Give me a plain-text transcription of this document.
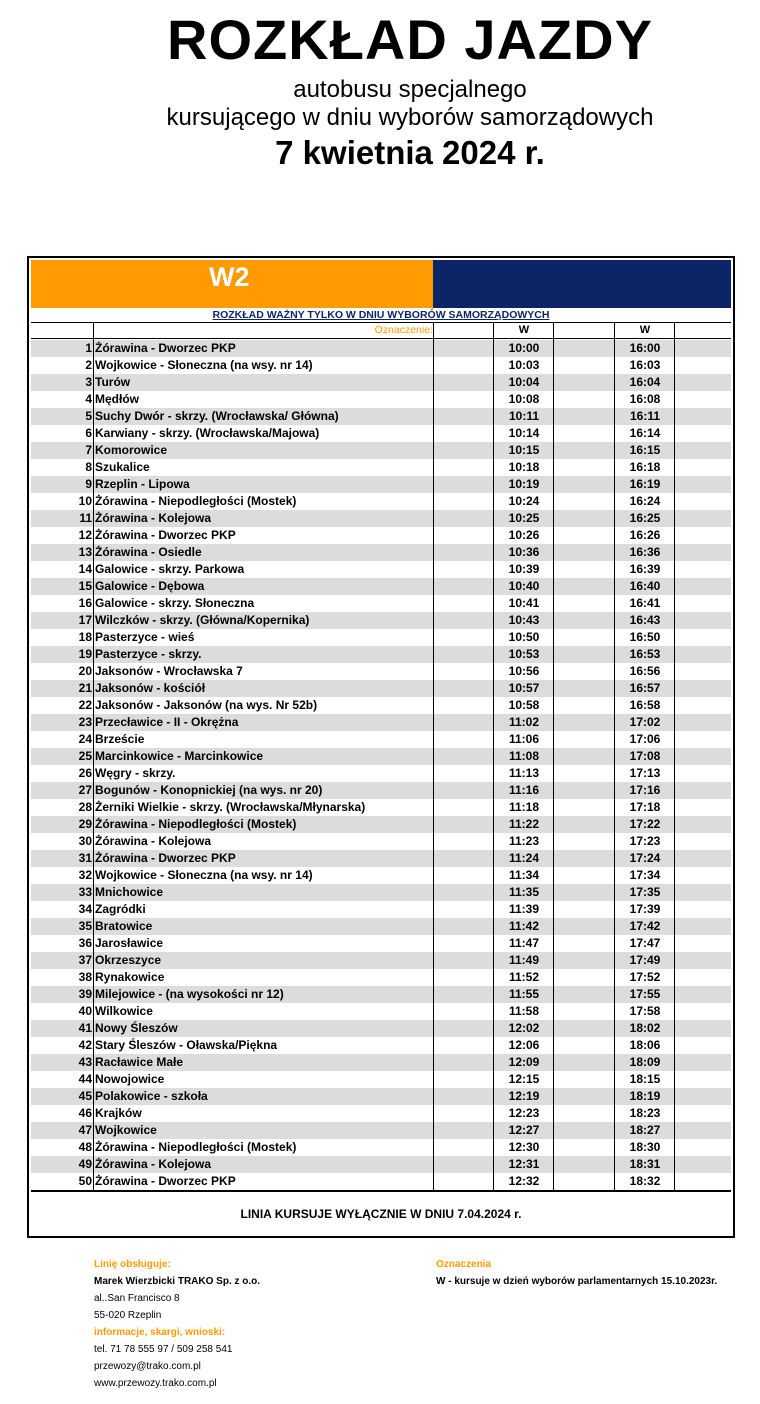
ROZKŁAD JAZDY
autobusu specjalnego
kursującego w dniu wyborów samorządowych
7 kwietnia 2024 r.
W2
ROZKŁAD WAŻNY TYLKO W DNIU WYBORÓW SAMORZĄDOWYCH
Oznaczenie:	W	W
1 Żórawina - Dworzec PKP	10:00	16:00
2 Wojkowice - Słoneczna (na wsy. nr 14)	10:03	16:03
3 Turów	10:04	16:04
4 Mędłów	10:08	16:08
5 Suchy Dwór - skrzy. (Wrocławska/ Główna)	10:11	16:11
6 Karwiany - skrzy. (Wrocławska/Majowa)	10:14	16:14
7 Komorowice	10:15	16:15
8 Szukalice	10:18	16:18
9 Rzeplin - Lipowa	10:19	16:19
10 Żórawina - Niepodległości (Mostek)	10:24	16:24
11 Żórawina - Kolejowa	10:25	16:25
12 Żórawina - Dworzec PKP	10:26	16:26
13 Żórawina - Osiedle	10:36	16:36
14 Galowice - skrzy. Parkowa	10:39	16:39
15 Galowice - Dębowa	10:40	16:40
16 Galowice - skrzy. Słoneczna	10:41	16:41
17 Wilczków - skrzy. (Główna/Kopernika)	10:43	16:43
18 Pasterzyce - wieś	10:50	16:50
19 Pasterzyce - skrzy.	10:53	16:53
20 Jaksonów - Wrocławska 7	10:56	16:56
21 Jaksonów - kościół	10:57	16:57
22 Jaksonów - Jaksonów (na wys. Nr 52b)	10:58	16:58
23 Przecławice - II - Okrężna	11:02	17:02
24 Brzeście	11:06	17:06
25 Marcinkowice - Marcinkowice	11:08	17:08
26 Węgry - skrzy.	11:13	17:13
27 Bogunów - Konopnickiej (na wys. nr 20)	11:16	17:16
28 Żerniki Wielkie - skrzy. (Wrocławska/Młynarska)	11:18	17:18
29 Żórawina - Niepodległości (Mostek)	11:22	17:22
30 Żórawina - Kolejowa	11:23	17:23
31 Żórawina - Dworzec PKP	11:24	17:24
32 Wojkowice - Słoneczna (na wsy. nr 14)	11:34	17:34
33 Mnichowice	11:35	17:35
34 Zagródki	11:39	17:39
35 Bratowice	11:42	17:42
36 Jarosławice	11:47	17:47
37 Okrzeszyce	11:49	17:49
38 Rynakowice	11:52	17:52
39 Milejowice - (na wysokości nr 12)	11:55	17:55
40 Wilkowice	11:58	17:58
41 Nowy Śleszów	12:02	18:02
42 Stary Śleszów - Oławska/Piękna	12:06	18:06
43 Racławice Małe	12:09	18:09
44 Nowojowice	12:15	18:15
45 Polakowice - szkoła	12:19	18:19
46 Krajków	12:23	18:23
47 Wojkowice	12:27	18:27
48 Żórawina - Niepodległości (Mostek)	12:30	18:30
49 Żórawina - Kolejowa	12:31	18:31
50 Żórawina - Dworzec PKP	12:32	18:32
LINIA KURSUJE WYŁĄCZNIE W DNIU 7.04.2024 r.
Linię obsługuje:
Marek Wierzbicki TRAKO Sp. z o.o.
al..San Francisco 8
55-020 Rzeplin
informacje, skargi, wnioski:
tel. 71 78 555 97 / 509 258 541
przewozy@trako.com.pl
www.przewozy.trako.com.pl
Oznaczenia
W - kursuje w dzień wyborów parlamentarnych 15.10.2023r.
